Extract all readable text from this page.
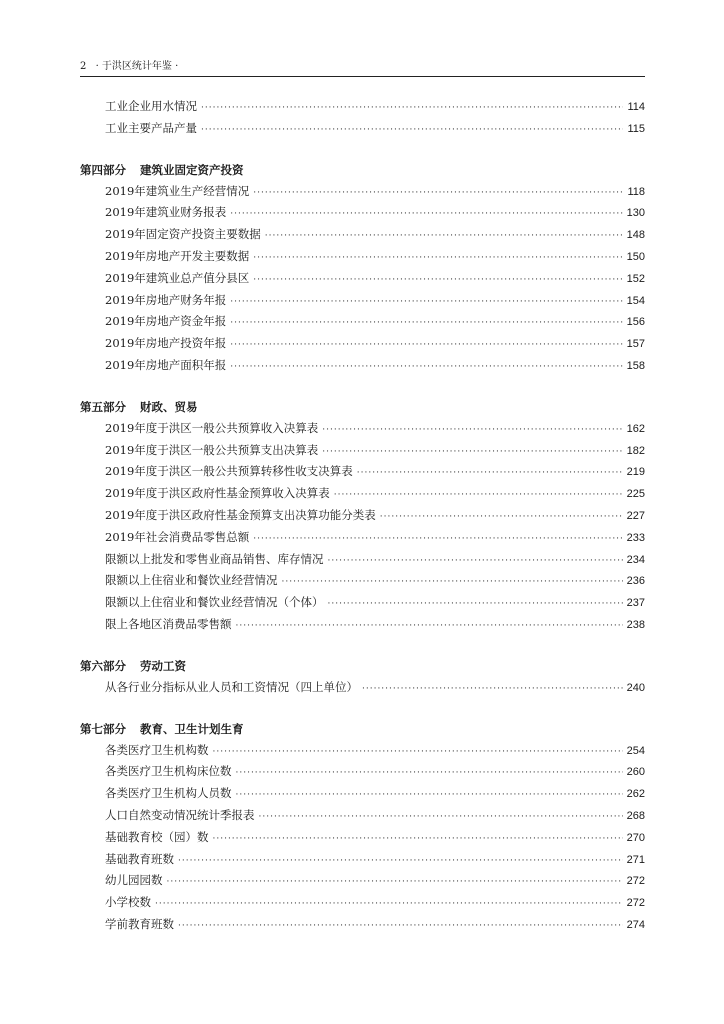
2 · 于洪区统计年鉴 ·
工业企业用水情况 ·····	114
工业主要产品产量 ·····	115
第四部分 建筑业固定资产投资
2019年建筑业生产经营情况 ·····	118
2019年建筑业财务报表 ·····	130
2019年固定资产投资主要数据 ·····	148
2019年房地产开发主要数据 ·····	150
2019年建筑业总产值分县区 ·····	152
2019年房地产财务年报 ·····	154
2019年房地产资金年报 ·····	156
2019年房地产投资年报 ·····	157
2019年房地产面积年报 ·····	158
第五部分 财政、贸易
2019年度于洪区一般公共预算收入决算表 ·····	162
2019年度于洪区一般公共预算支出决算表 ·····	182
2019年度于洪区一般公共预算转移性收支决算表 ·····	219
2019年度于洪区政府性基金预算收入决算表 ·····	225
2019年度于洪区政府性基金预算支出决算功能分类表 ·····	227
2019年社会消费品零售总额 ·····	233
限额以上批发和零售业商品销售、库存情况 ·····	234
限额以上住宿业和餐饮业经营情况 ·····	236
限额以上住宿业和餐饮业经营情况（个体） ·····	237
限上各地区消费品零售额 ·····	238
第六部分 劳动工资
从各行业分指标从业人员和工资情况（四上单位） ·····	240
第七部分 教育、卫生计划生育
各类医疗卫生机构数 ·····	254
各类医疗卫生机构床位数 ·····	260
各类医疗卫生机构人员数 ·····	262
人口自然变动情况统计季报表 ·····	268
基础教育校（园）数 ·····	270
基础教育班数 ·····	271
幼儿园园数 ·····	272
小学校数 ·····	272
学前教育班数 ·····	274
